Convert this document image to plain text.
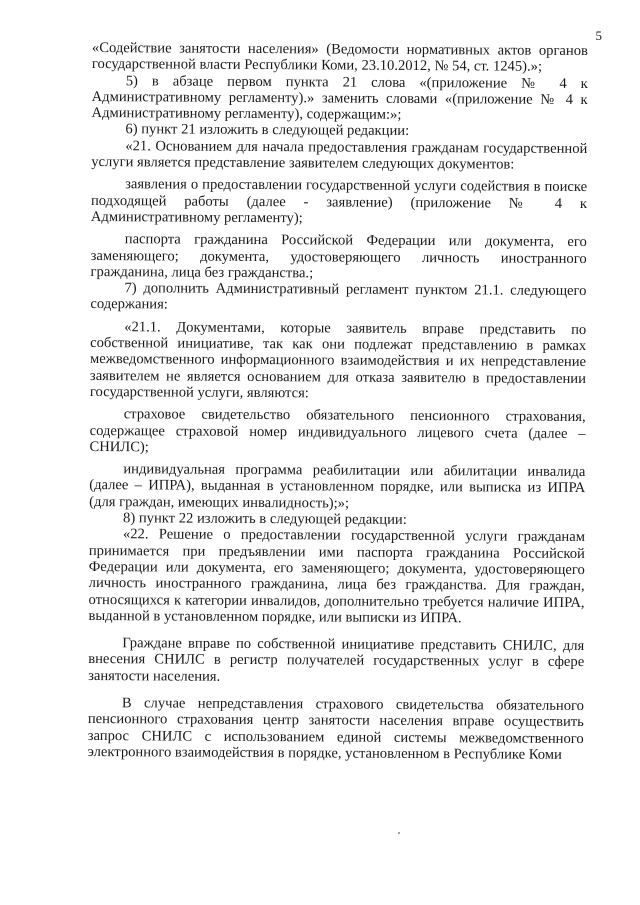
5

«Содействие занятости населения» (Ведомости нормативных актов органов государственной власти Республики Коми, 23.10.2012, № 54, ст. 1245).»;

5) в абзаце первом пункта 21 слова «(приложение № 4 к Административному регламенту).» заменить словами «(приложение № 4 к Административному регламенту), содержащим:»;

6) пункт 21 изложить в следующей редакции:

«21. Основанием для начала предоставления гражданам государственной услуги является представление заявителем следующих документов:

заявления о предоставлении государственной услуги содействия в поиске подходящей работы (далее - заявление) (приложение № 4 к Административному регламенту);

паспорта гражданина Российской Федерации или документа, его заменяющего; документа, удостоверяющего личность иностранного гражданина, лица без гражданства.;

7) дополнить Административный регламент пунктом 21.1. следующего содержания:

«21.1. Документами, которые заявитель вправе представить по собственной инициативе, так как они подлежат представлению в рамках межведомственного информационного взаимодействия и их непредставление заявителем не является основанием для отказа заявителю в предоставлении государственной услуги, являются:

страховое свидетельство обязательного пенсионного страхования, содержащее страховой номер индивидуального лицевого счета (далее – СНИЛС);

индивидуальная программа реабилитации или абилитации инвалида (далее – ИПРА), выданная в установленном порядке, или выписка из ИПРА (для граждан, имеющих инвалидность);»;

8) пункт 22 изложить в следующей редакции:

«22. Решение о предоставлении государственной услуги гражданам принимается при предъявлении ими паспорта гражданина Российской Федерации или документа, его заменяющего; документа, удостоверяющего личность иностранного гражданина, лица без гражданства. Для граждан, относящихся к категории инвалидов, дополнительно требуется наличие ИПРА, выданной в установленном порядке, или выписки из ИПРА.

Граждане вправе по собственной инициативе представить СНИЛС, для внесения СНИЛС в регистр получателей государственных услуг в сфере занятости населения.

В случае непредставления страхового свидетельства обязательного пенсионного страхования центр занятости населения вправе осуществить запрос СНИЛС с использованием единой системы межведомственного электронного взаимодействия в порядке, установленном в Республике Коми
